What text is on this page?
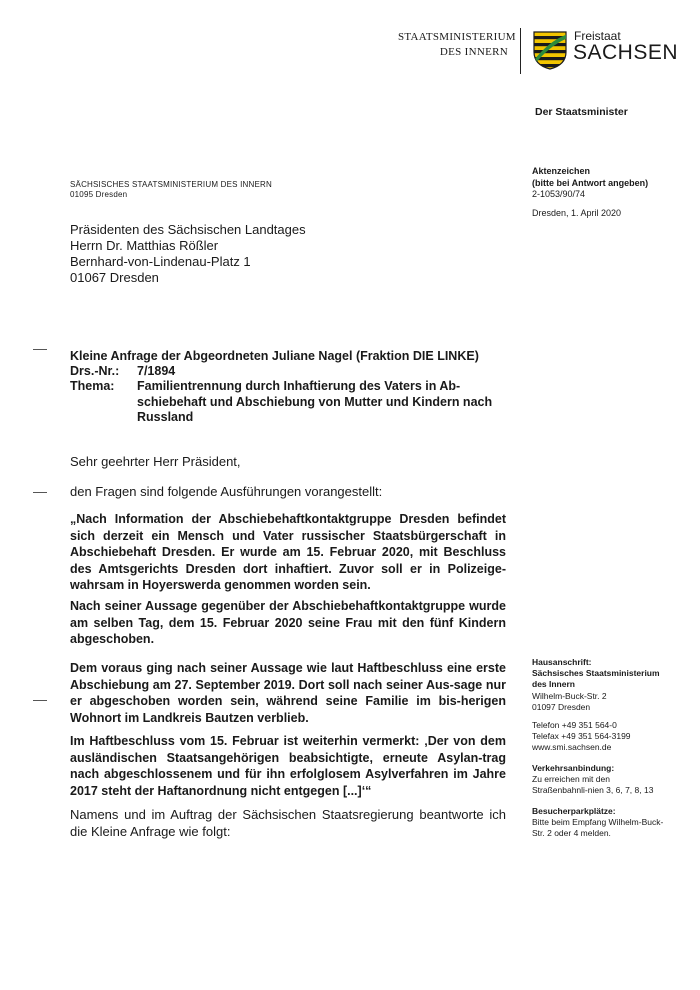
STAATSMINISTERIUM
DES INNERN
Freistaat
SACHSEN
Der Staatsminister
Aktenzeichen
(bitte bei Antwort angeben)
2-1053/90/74
Dresden, 1. April 2020
SÄCHSISCHES STAATSMINISTERIUM DES INNERN
01095 Dresden
Präsidenten des Sächsischen Landtages
Herrn Dr. Matthias Rößler
Bernhard-von-Lindenau-Platz 1
01067 Dresden
Kleine Anfrage der Abgeordneten Juliane Nagel (Fraktion DIE LINKE)
Drs.-Nr.:	7/1894
Thema:	Familientrennung durch Inhaftierung des Vaters in Ab-
schiebehaft und Abschiebung von Mutter und Kindern nach
Russland
Sehr geehrter Herr Präsident,
den Fragen sind folgende Ausführungen vorangestellt:
„Nach Information der Abschiebehaftkontaktgruppe Dresden befindet sich derzeit ein Mensch und Vater russischer Staatsbürgerschaft in Abschiebehaft Dresden. Er wurde am 15. Februar 2020, mit Beschluss des Amtsgerichts Dresden dort inhaftiert. Zuvor soll er in Polizeige-wahrsam in Hoyerswerda genommen worden sein.
Nach seiner Aussage gegenüber der Abschiebehaftkontaktgruppe wurde am selben Tag, dem 15. Februar 2020 seine Frau mit den fünf Kindern abgeschoben.
Dem voraus ging nach seiner Aussage wie laut Haftbeschluss eine erste Abschiebung am 27. September 2019. Dort soll nach seiner Aus-sage nur er abgeschoben worden sein, während seine Familie im bis-herigen Wohnort im Landkreis Bautzen verblieb.
Im Haftbeschluss vom 15. Februar ist weiterhin vermerkt: ‚Der von dem ausländischen Staatsangehörigen beabsichtigte, erneute Asylan-trag nach abgeschlossenem und für ihn erfolglosem Asylverfahren im Jahre 2017 steht der Haftanordnung nicht entgegen [...]‘“
Namens und im Auftrag der Sächsischen Staatsregierung beantworte ich die Kleine Anfrage wie folgt:
Hausanschrift:
Sächsisches Staatsministerium
des Innern
Wilhelm-Buck-Str. 2
01097 Dresden
Telefon +49 351 564-0
Telefax +49 351 564-3199
www.smi.sachsen.de
Verkehrsanbindung:
Zu erreichen mit den Straßenbahnli-nien 3, 6, 7, 8, 13
Besucherparkplätze:
Bitte beim Empfang Wilhelm-Buck-Str. 2 oder 4 melden.
